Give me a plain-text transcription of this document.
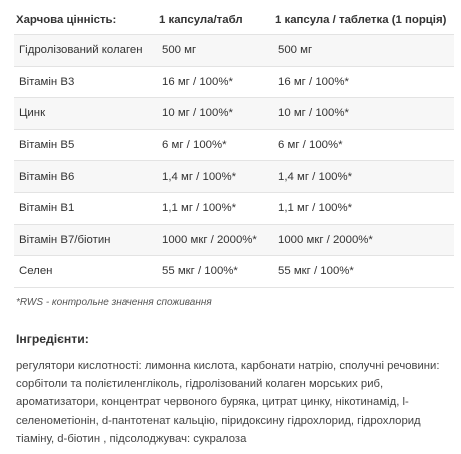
Харчова цінність:	1 капсула/табл	1 капсула / таблетка (1 порція)
Гідролізований колаген	500 мг	500 мг
Вітамін B3	16 мг / 100%*	16 мг / 100%*
Цинк	10 мг / 100%*	10 мг / 100%*
Вітамін B5	6 мг / 100%*	6 мг / 100%*
Вітамін B6	1,4 мг / 100%*	1,4 мг / 100%*
Вітамін B1	1,1 мг / 100%*	1,1 мг / 100%*
Вітамін B7/біотин	1000 мкг / 2000%*	1000 мкг / 2000%*
Селен	55 мкг / 100%*	55 мкг / 100%*

*RWS - контрольне значення споживання

Інгредієнти:

регулятори кислотності: лимонна кислота, карбонати натрію, сполучні речовини: сорбітоли та полієтиленгліколь, гідролізований колаген морських риб, ароматизатори, концентрат червоного буряка, цитрат цинку, нікотинамід, l-селенометіонін, d-пантотенат кальцію, піридоксину гідрохлорид, гідрохлорид тіаміну, d-біотин , підсолоджувач: сукралоза
